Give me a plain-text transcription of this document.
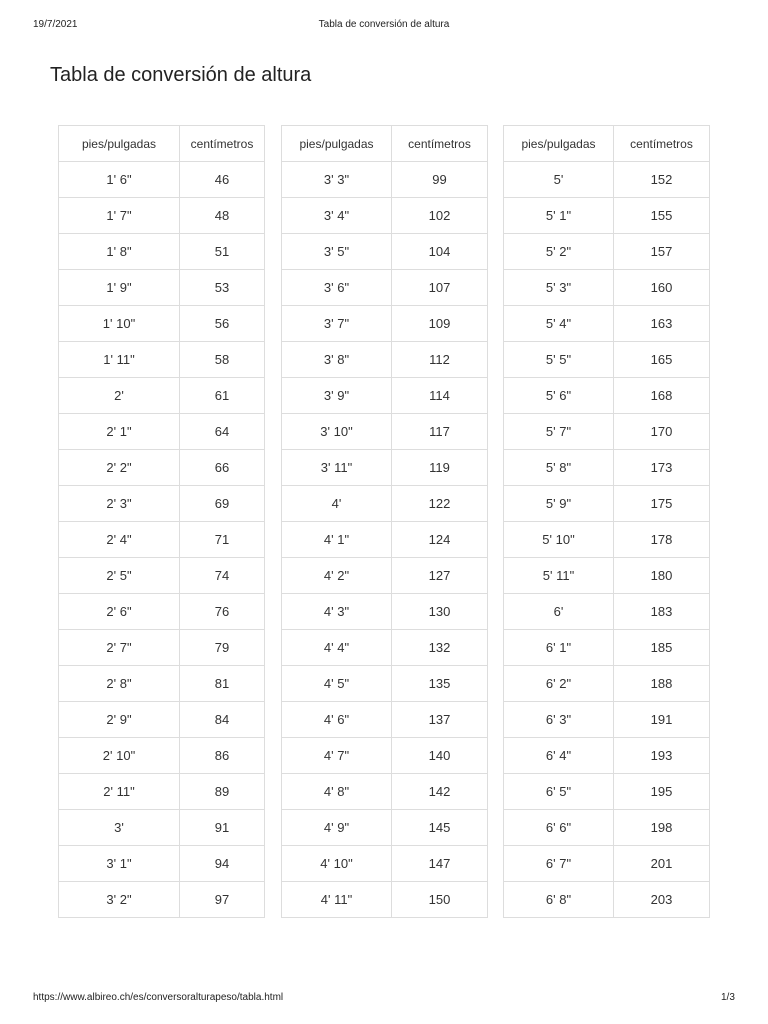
19/7/2021	Tabla de conversión de altura
Tabla de conversión de altura
pies/pulgadas	centímetros
1' 6"	46
1' 7"	48
1' 8"	51
1' 9"	53
1' 10"	56
1' 11"	58
2'	61
2' 1"	64
2' 2"	66
2' 3"	69
2' 4"	71
2' 5"	74
2' 6"	76
2' 7"	79
2' 8"	81
2' 9"	84
2' 10"	86
2' 11"	89
3'	91
3' 1"	94
3' 2"	97
pies/pulgadas	centímetros
3' 3"	99
3' 4"	102
3' 5"	104
3' 6"	107
3' 7"	109
3' 8"	112
3' 9"	114
3' 10"	117
3' 11"	119
4'	122
4' 1"	124
4' 2"	127
4' 3"	130
4' 4"	132
4' 5"	135
4' 6"	137
4' 7"	140
4' 8"	142
4' 9"	145
4' 10"	147
4' 11"	150
pies/pulgadas	centímetros
5'	152
5' 1"	155
5' 2"	157
5' 3"	160
5' 4"	163
5' 5"	165
5' 6"	168
5' 7"	170
5' 8"	173
5' 9"	175
5' 10"	178
5' 11"	180
6'	183
6' 1"	185
6' 2"	188
6' 3"	191
6' 4"	193
6' 5"	195
6' 6"	198
6' 7"	201
6' 8"	203
https://www.albireo.ch/es/conversoralturapeso/tabla.html	1/3
